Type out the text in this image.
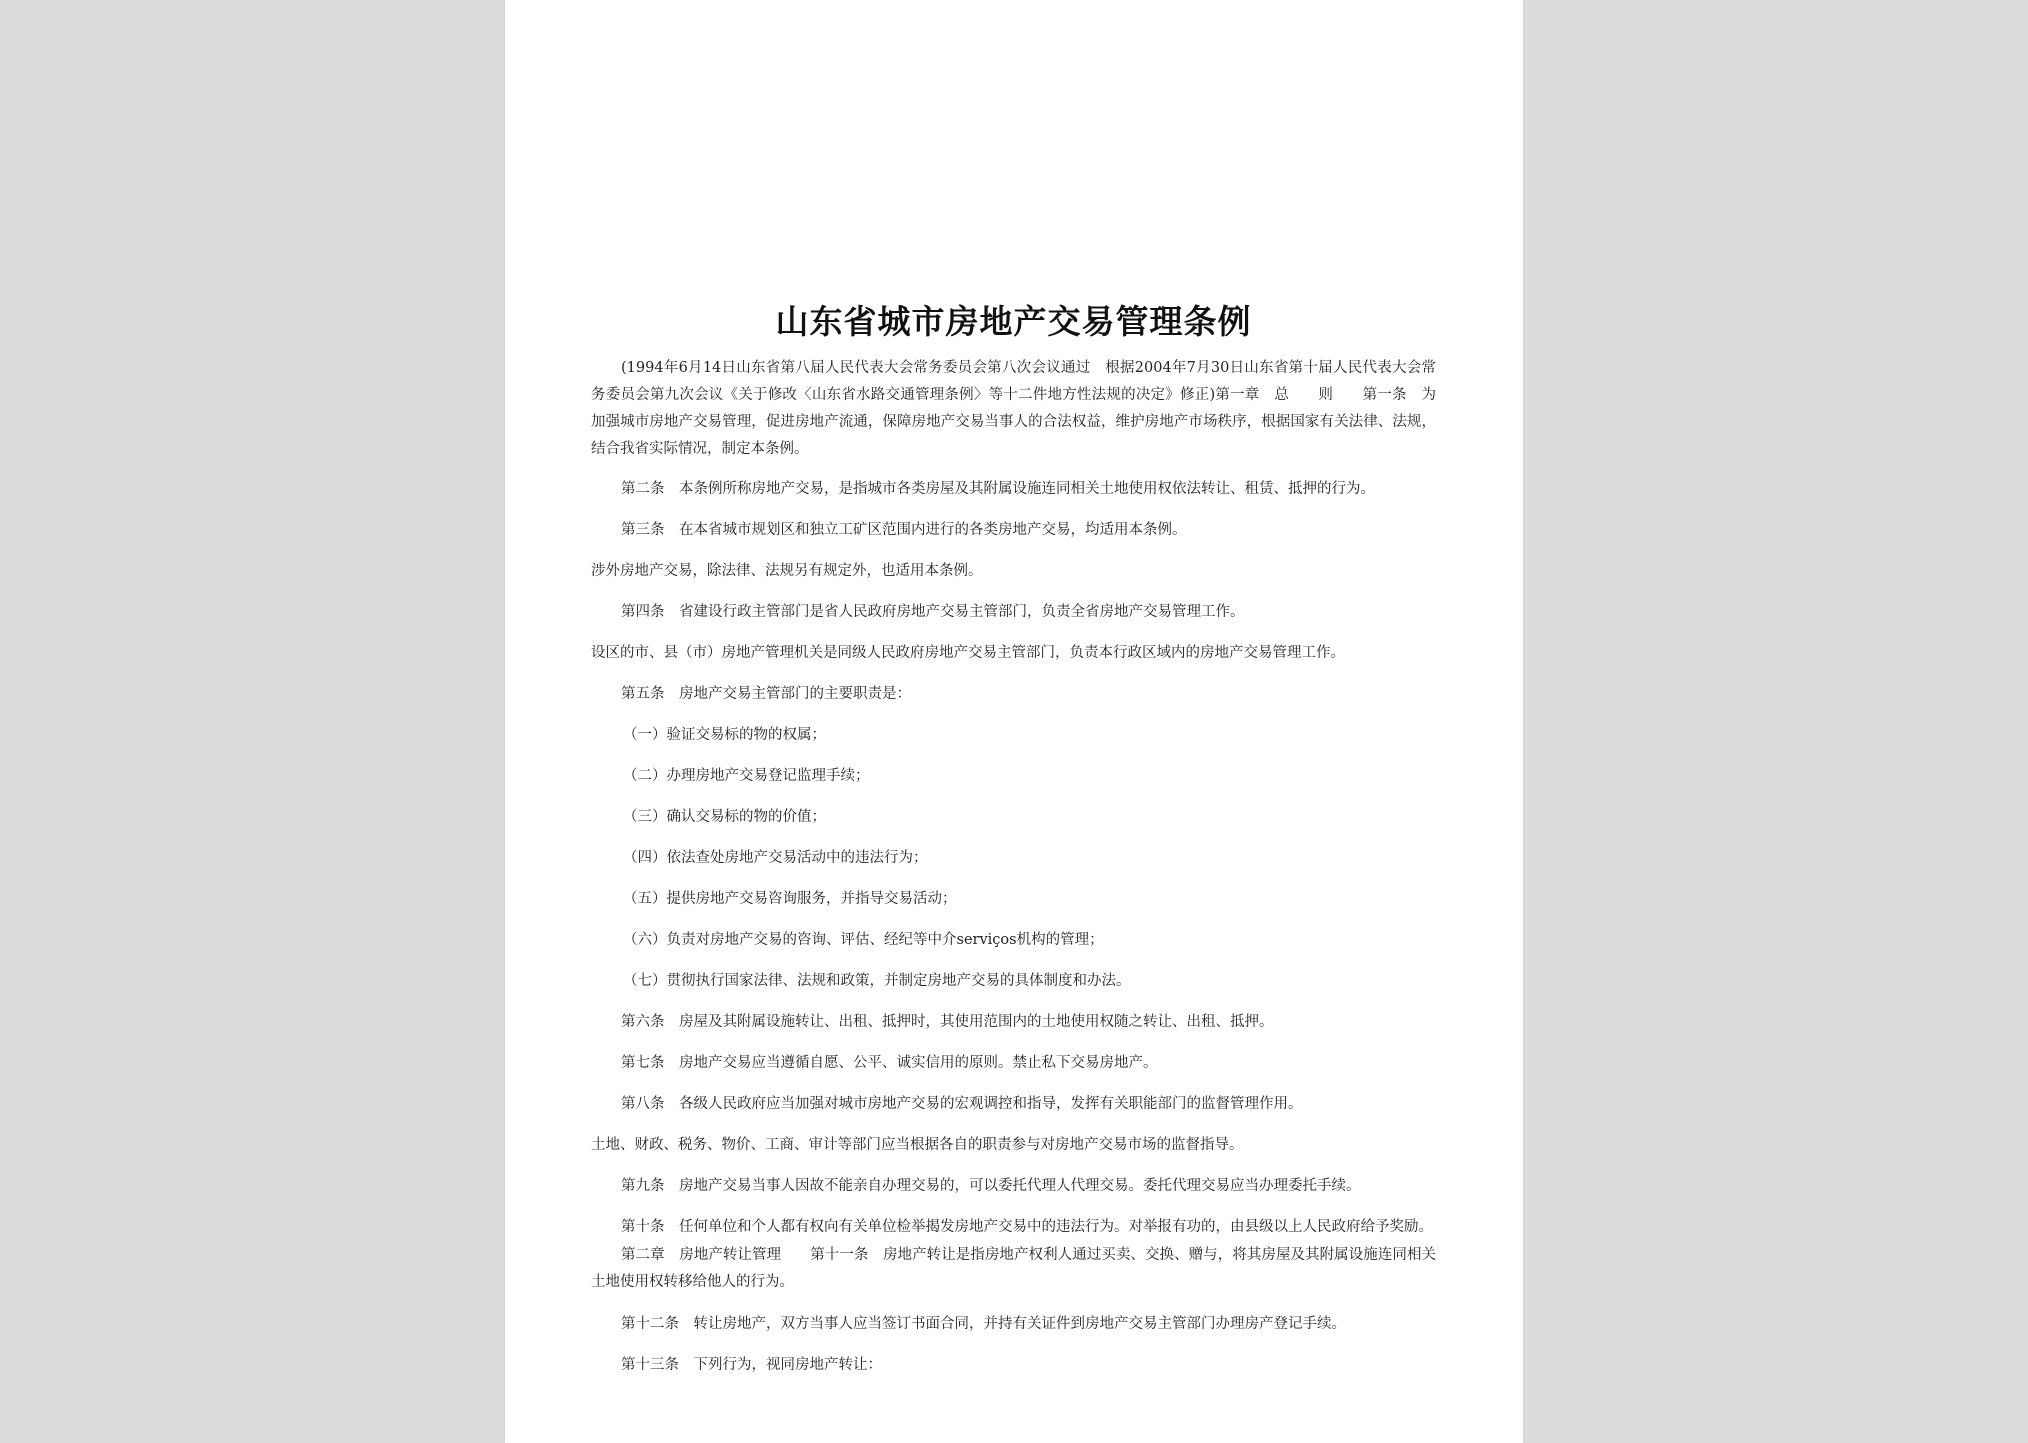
山东省城市房地产交易管理条例

(1994年6月14日山东省第八届人民代表大会常务委员会第八次会议通过　根据2004年7月30日山东省第十届人民代表大会常务委员会第九次会议《关于修改〈山东省水路交通管理条例〉等十二件地方性法规的决定》修正)第一章　总　　则　　第一条　为加强城市房地产交易管理，促进房地产流通，保障房地产交易当事人的合法权益，维护房地产市场秩序，根据国家有关法律、法规，结合我省实际情况，制定本条例。

第二条　本条例所称房地产交易，是指城市各类房屋及其附属设施连同相关土地使用权依法转让、租赁、抵押的行为。

第三条　在本省城市规划区和独立工矿区范围内进行的各类房地产交易，均适用本条例。

涉外房地产交易，除法律、法规另有规定外，也适用本条例。

第四条　省建设行政主管部门是省人民政府房地产交易主管部门，负责全省房地产交易管理工作。

设区的市、县（市）房地产管理机关是同级人民政府房地产交易主管部门，负责本行政区域内的房地产交易管理工作。

第五条　房地产交易主管部门的主要职责是：

（一）验证交易标的物的权属；

（二）办理房地产交易登记监理手续；

（三）确认交易标的物的价值；

（四）依法查处房地产交易活动中的违法行为；

（五）提供房地产交易咨询服务，并指导交易活动；

（六）负责对房地产交易的咨询、评估、经纪等中介serviços机构的管理；

（七）贯彻执行国家法律、法规和政策，并制定房地产交易的具体制度和办法。

第六条　房屋及其附属设施转让、出租、抵押时，其使用范围内的土地使用权随之转让、出租、抵押。

第七条　房地产交易应当遵循自愿、公平、诚实信用的原则。禁止私下交易房地产。

第八条　各级人民政府应当加强对城市房地产交易的宏观调控和指导，发挥有关职能部门的监督管理作用。

土地、财政、税务、物价、工商、审计等部门应当根据各自的职责参与对房地产交易市场的监督指导。

第九条　房地产交易当事人因故不能亲自办理交易的，可以委托代理人代理交易。委托代理交易应当办理委托手续。

第十条　任何单位和个人都有权向有关单位检举揭发房地产交易中的违法行为。对举报有功的，由县级以上人民政府给予奖励。

第二章　房地产转让管理　　第十一条　房地产转让是指房地产权利人通过买卖、交换、赠与，将其房屋及其附属设施连同相关土地使用权转移给他人的行为。

第十二条　转让房地产，双方当事人应当签订书面合同，并持有关证件到房地产交易主管部门办理房产登记手续。

第十三条　下列行为，视同房地产转让：
